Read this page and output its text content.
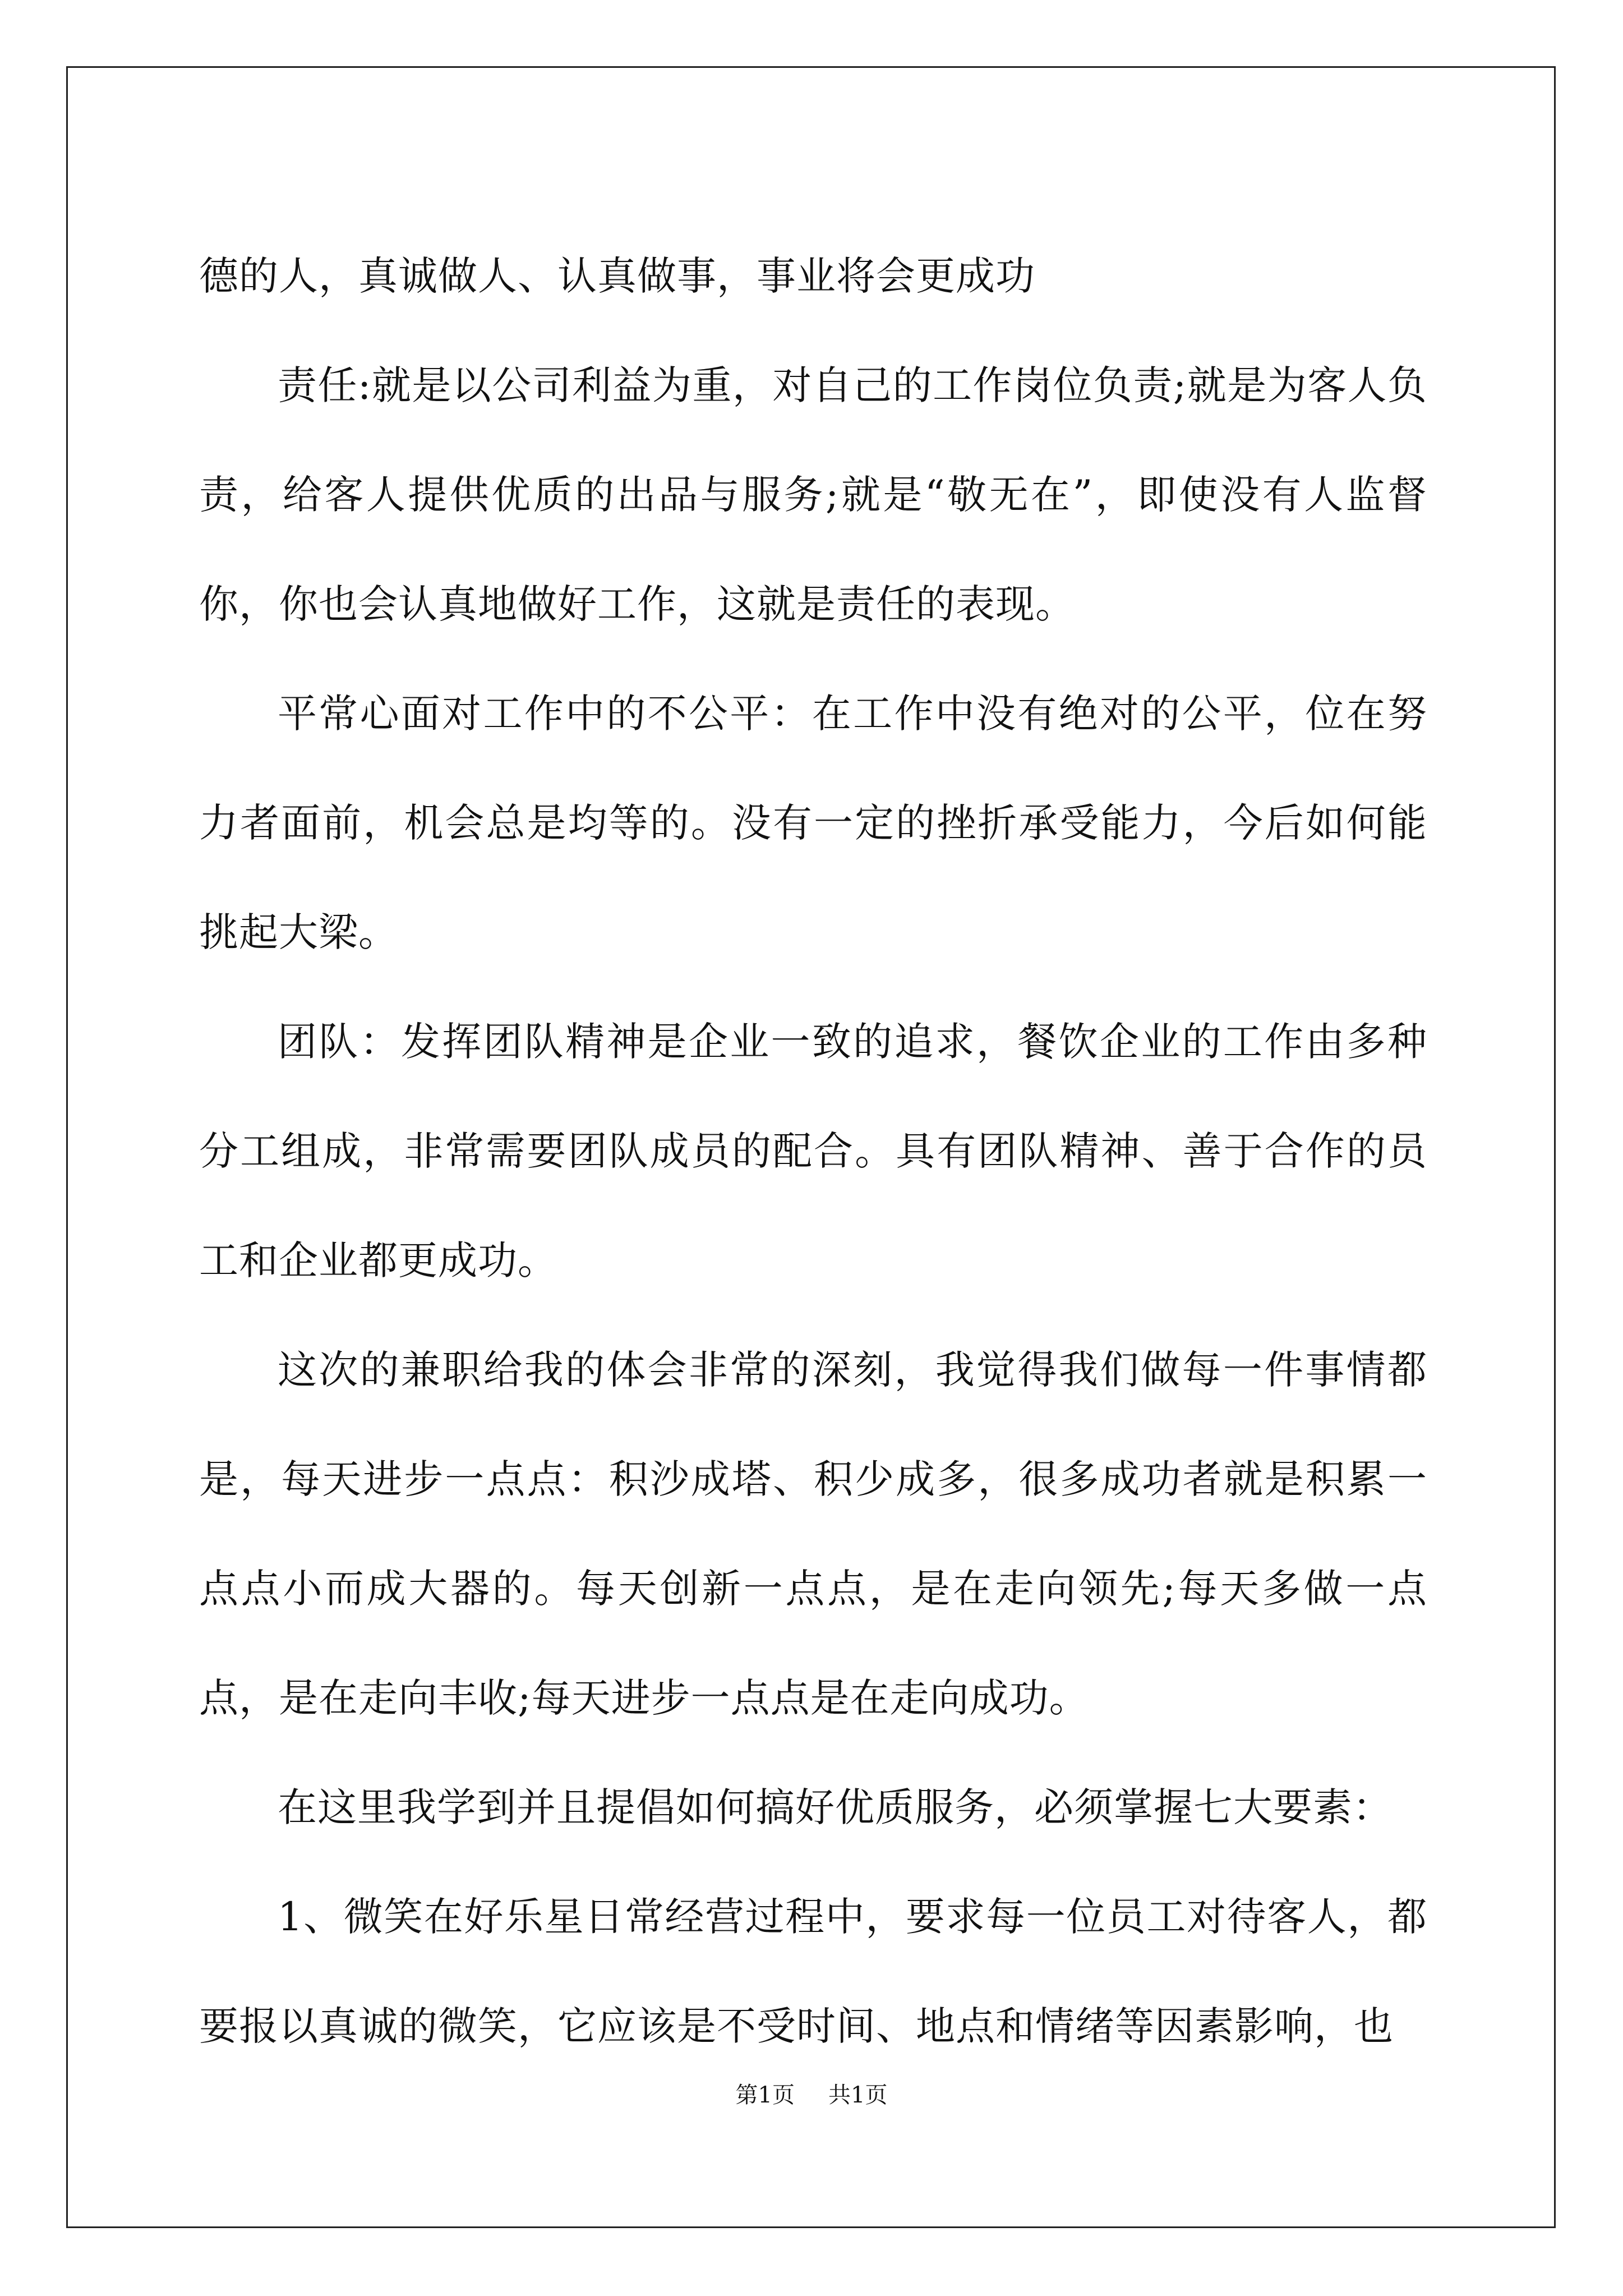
德的人，真诚做人、认真做事，事业将会更成功

责任:就是以公司利益为重，对自己的工作岗位负责;就是为客人负责，给客人提供优质的出品与服务;就是“敬无在”，即使没有人监督你，你也会认真地做好工作，这就是责任的表现。

平常心面对工作中的不公平：在工作中没有绝对的公平，位在努力者面前，机会总是均等的。没有一定的挫折承受能力，今后如何能挑起大梁。

团队：发挥团队精神是企业一致的追求，餐饮企业的工作由多种分工组成，非常需要团队成员的配合。具有团队精神、善于合作的员工和企业都更成功。

这次的兼职给我的体会非常的深刻，我觉得我们做每一件事情都是，每天进步一点点：积沙成塔、积少成多，很多成功者就是积累一点点小而成大器的。每天创新一点点，是在走向领先;每天多做一点点，是在走向丰收;每天进步一点点是在走向成功。

在这里我学到并且提倡如何搞好优质服务，必须掌握七大要素：

1、微笑在好乐星日常经营过程中，要求每一位员工对待客人，都要报以真诚的微笑，它应该是不受时间、地点和情绪等因素影响，也

第1页 共1页
